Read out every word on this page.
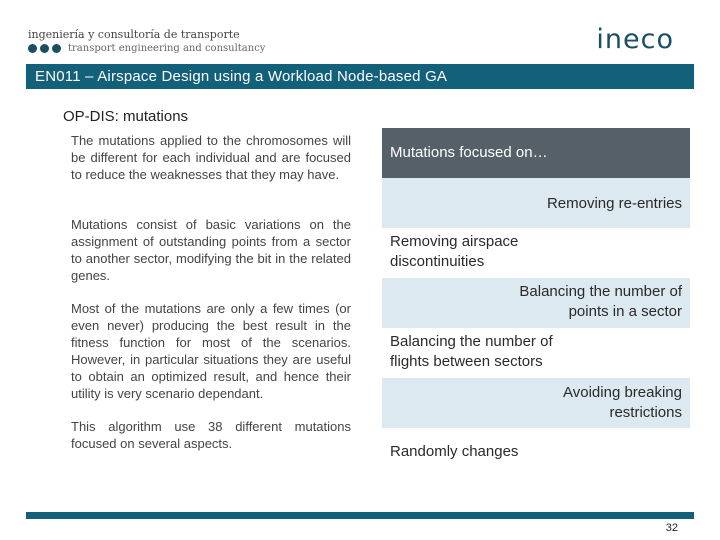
ingeniería y consultoría de transporte
transport engineering and consultancy	ineco
EN011 – Airspace Design using a Workload Node-based GA
OP-DIS: mutations

The mutations applied to the chromosomes will be different for each individual and are focused to reduce the weaknesses that they may have.

Mutations consist of basic variations on the assignment of outstanding points from a sector to another sector, modifying the bit in the related genes.

Most of the mutations are only a few times (or even never) producing the best result in the fitness function for most of the scenarios. However, in particular situations they are useful to obtain an optimized result, and hence their utility is very scenario dependant.

This algorithm use 38 different mutations focused on several aspects.

Mutations focused on…
Removing re-entries
Removing airspace discontinuities
Balancing the number of points in a sector
Balancing the number of flights between sectors
Avoiding breaking restrictions
Randomly changes
32
